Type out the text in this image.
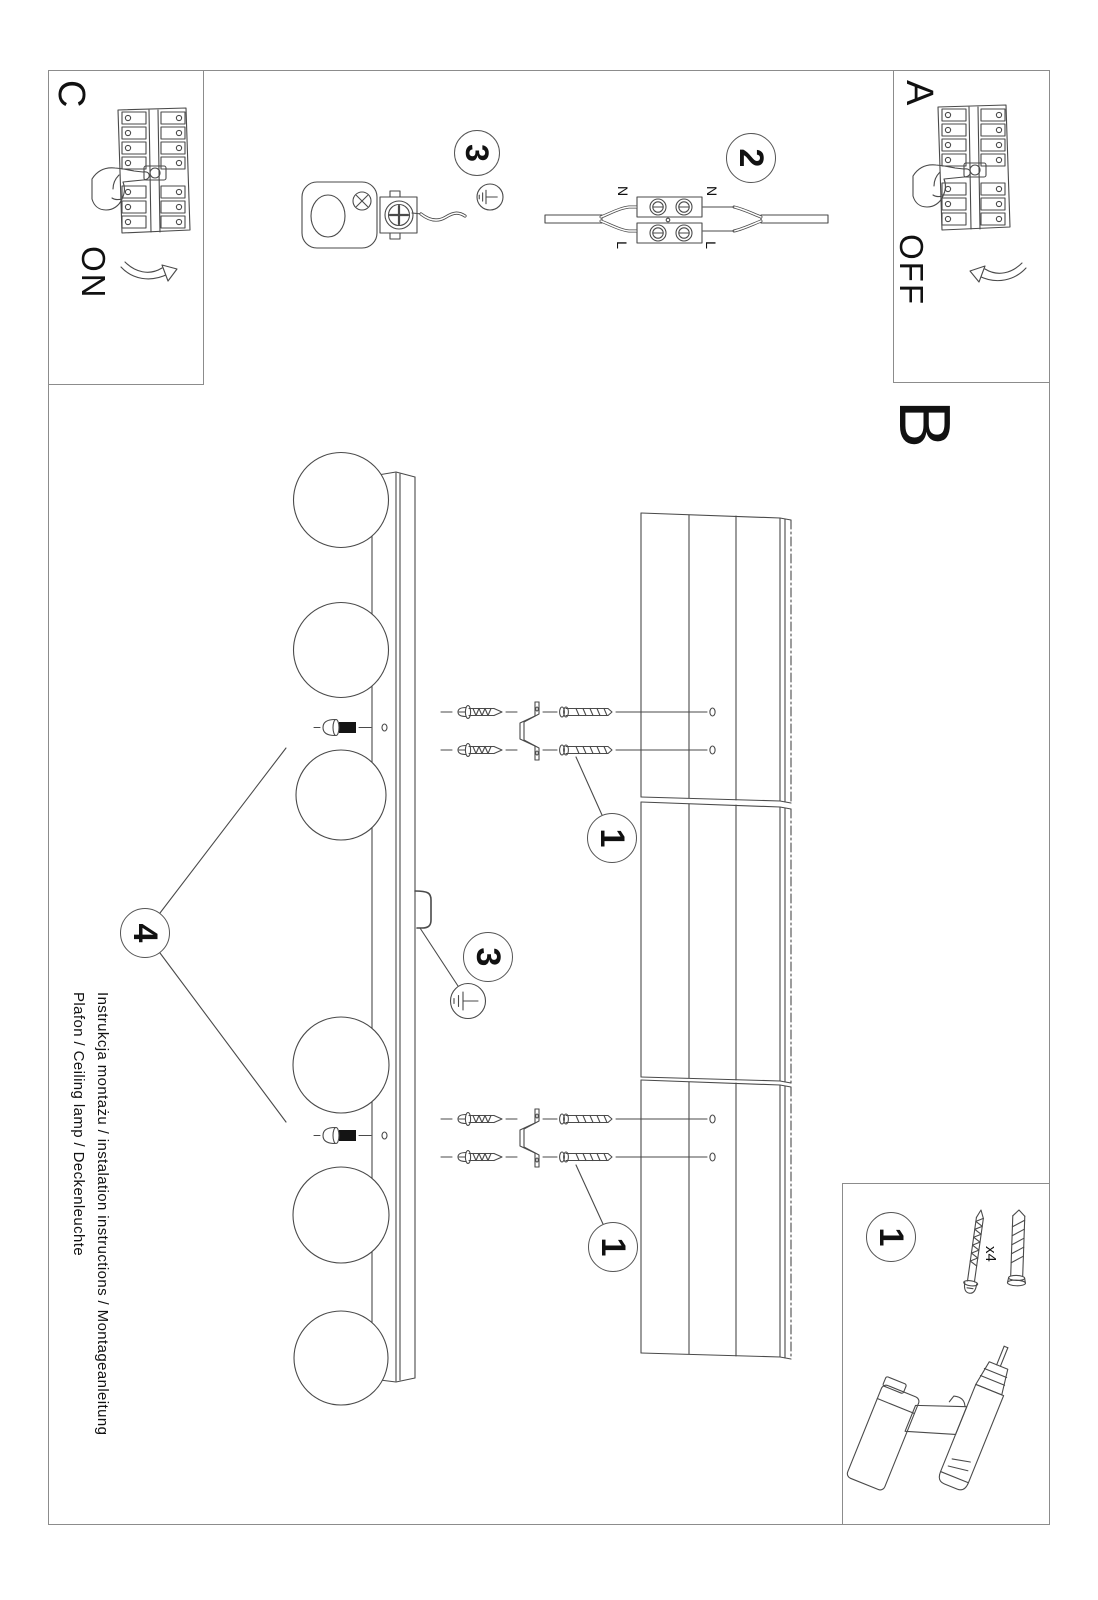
A
OFF
B
C
ON
2
3
1
1
3
4
1
N
L
N
L
x4
Instrukcja montażu / instalation instructions / Montageanleitung
Plafon / Ceiling lamp / Deckenleuchte
